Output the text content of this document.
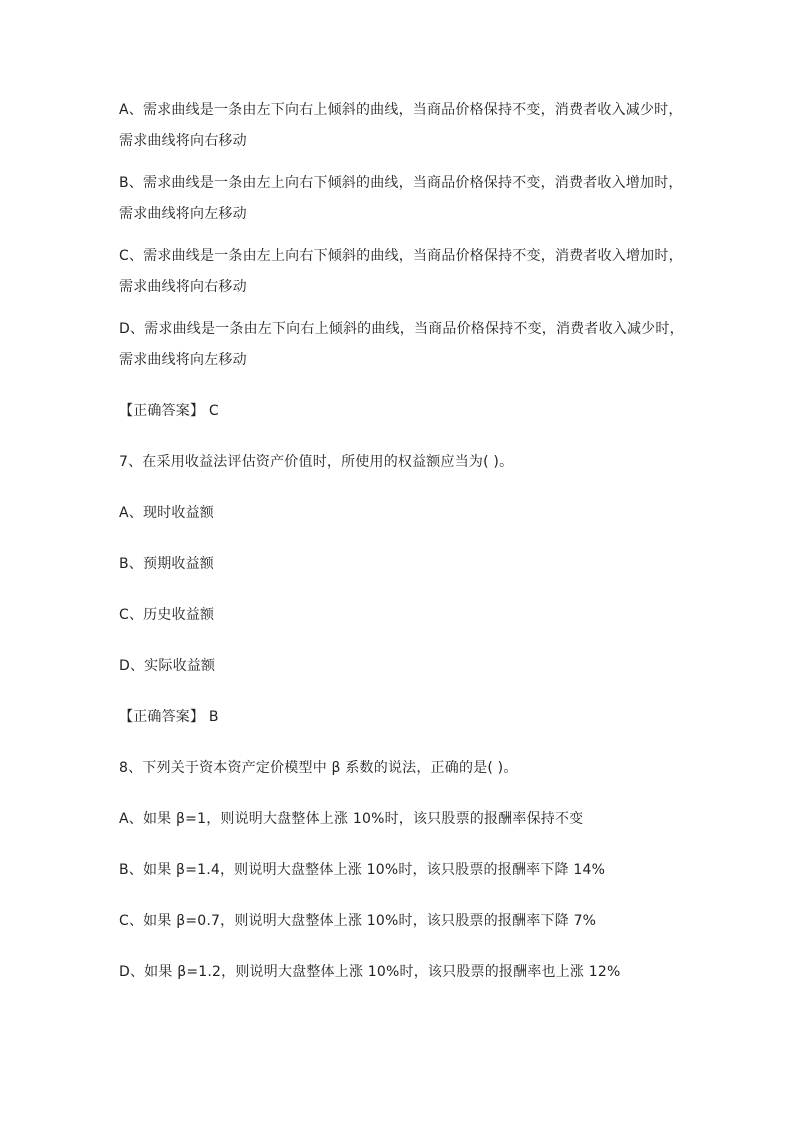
A、需求曲线是一条由左下向右上倾斜的曲线，当商品价格保持不变，消费者收入减少时，

需求曲线将向右移动

B、需求曲线是一条由左上向右下倾斜的曲线，当商品价格保持不变，消费者收入增加时，

需求曲线将向左移动

C、需求曲线是一条由左上向右下倾斜的曲线，当商品价格保持不变，消费者收入增加时，

需求曲线将向右移动

D、需求曲线是一条由左下向右上倾斜的曲线，当商品价格保持不变，消费者收入减少时，

需求曲线将向左移动

【正确答案】 C

7、在采用收益法评估资产价值时，所使用的权益额应当为( )。

A、现时收益额

B、预期收益额

C、历史收益额

D、实际收益额

【正确答案】 B

8、下列关于资本资产定价模型中 β 系数的说法，正确的是( )。

A、如果 β=1，则说明大盘整体上涨 10%时，该只股票的报酬率保持不变

B、如果 β=1.4，则说明大盘整体上涨 10%时，该只股票的报酬率下降 14%

C、如果 β=0.7，则说明大盘整体上涨 10%时，该只股票的报酬率下降 7%

D、如果 β=1.2，则说明大盘整体上涨 10%时，该只股票的报酬率也上涨 12%
